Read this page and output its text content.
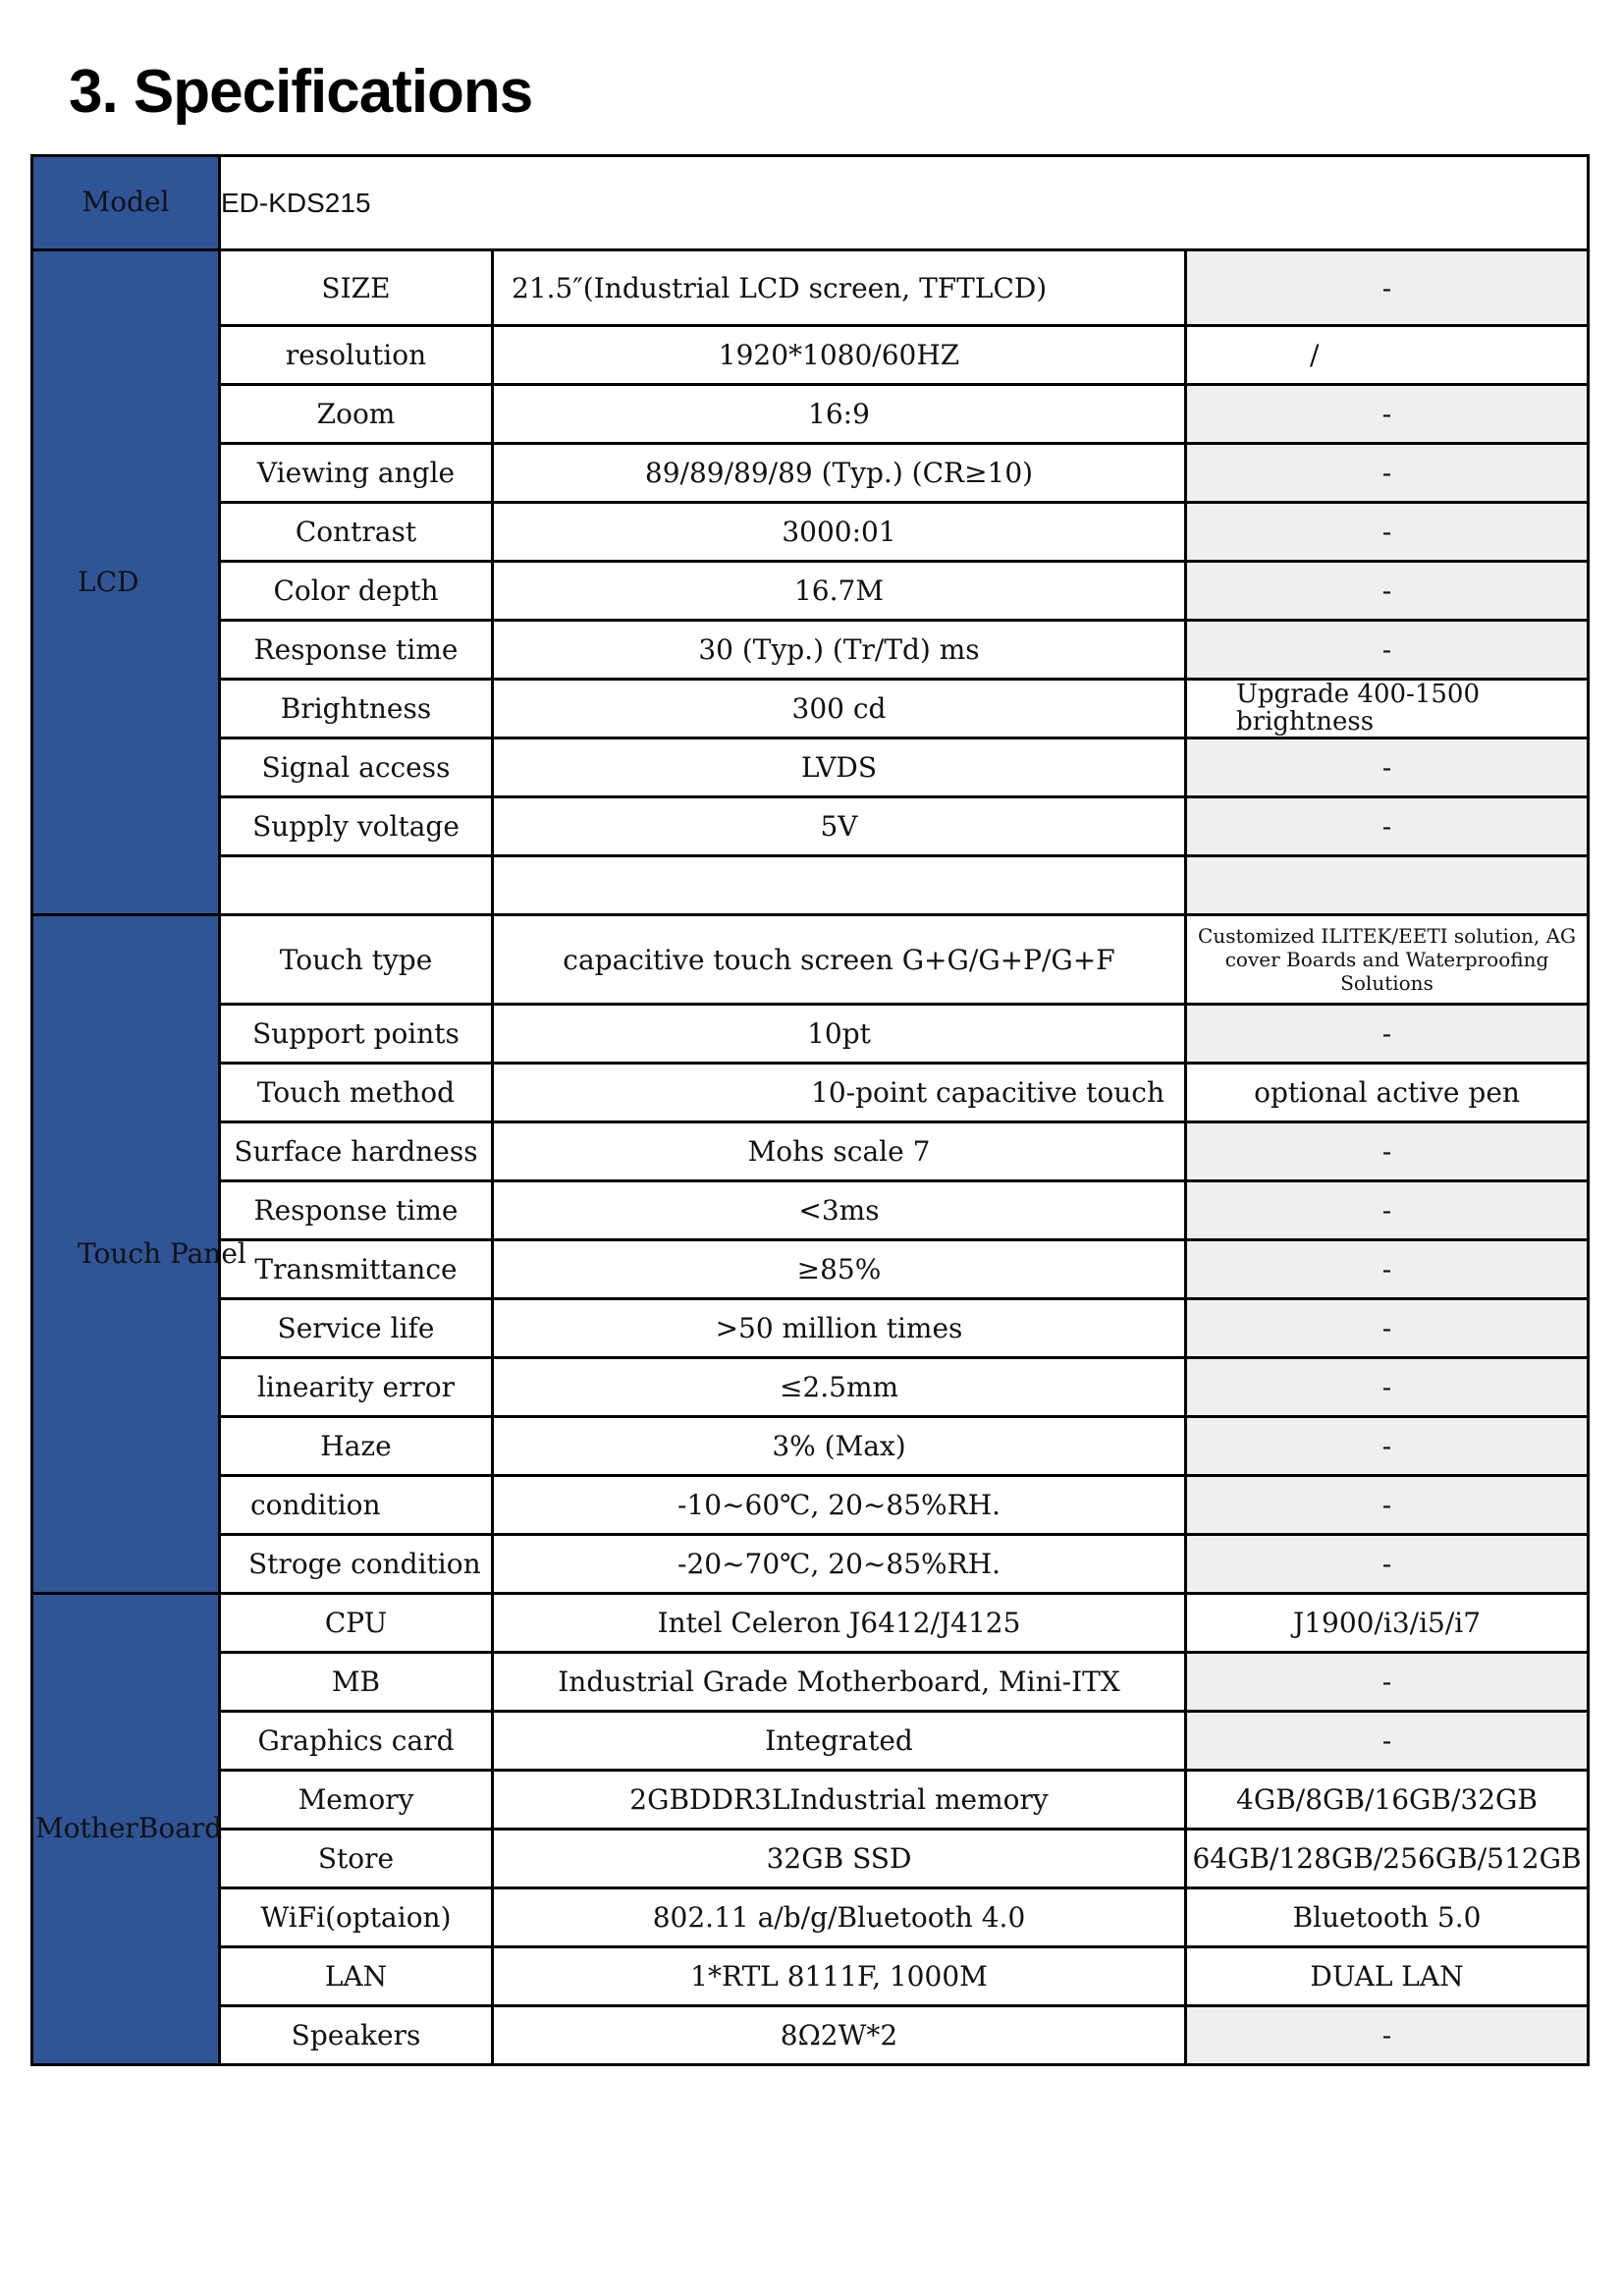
3. Specifications
Model	ED-KDS215		
LCD	SIZE	21.5″(Industrial LCD screen, TFTLCD)	-
	resolution	1920*1080/60HZ	/
	Zoom	16:9	-
	Viewing angle	89/89/89/89 (Typ.) (CR≥10)	-
	Contrast	3000:01	-
	Color depth	16.7M	-
	Response time	30 (Typ.) (Tr/Td) ms	-
	Brightness	300 cd	Upgrade 400-1500 brightness
	Signal access	LVDS	-
	Supply voltage	5V	-

Touch Panel	Touch type	capacitive touch screen G+G/G+P/G+F	Customized ILITEK/EETI solution, AG cover Boards and Waterproofing Solutions
	Support points	10pt	-
	Touch method	10-point capacitive touch	optional active pen
	Surface hardness	Mohs scale 7	-
	Response time	<3ms	-
	Transmittance	≥85%	-
	Service life	>50 million times	-
	linearity error	≤2.5mm	-
	Haze	3% (Max)	-
	condition	-10~60℃, 20~85%RH.	-
	Stroge condition	-20~70℃, 20~85%RH.	-
MotherBoard	CPU	Intel Celeron J6412/J4125	J1900/i3/i5/i7
	MB	Industrial Grade Motherboard, Mini-ITX	-
	Graphics card	Integrated	-
	Memory	2GBDDR3LIndustrial memory	4GB/8GB/16GB/32GB
	Store	32GB SSD	64GB/128GB/256GB/512GB
	WiFi(optaion)	802.11 a/b/g/Bluetooth 4.0	Bluetooth 5.0
	LAN	1*RTL 8111F, 1000M	DUAL LAN
	Speakers	8Ω2W*2	-
